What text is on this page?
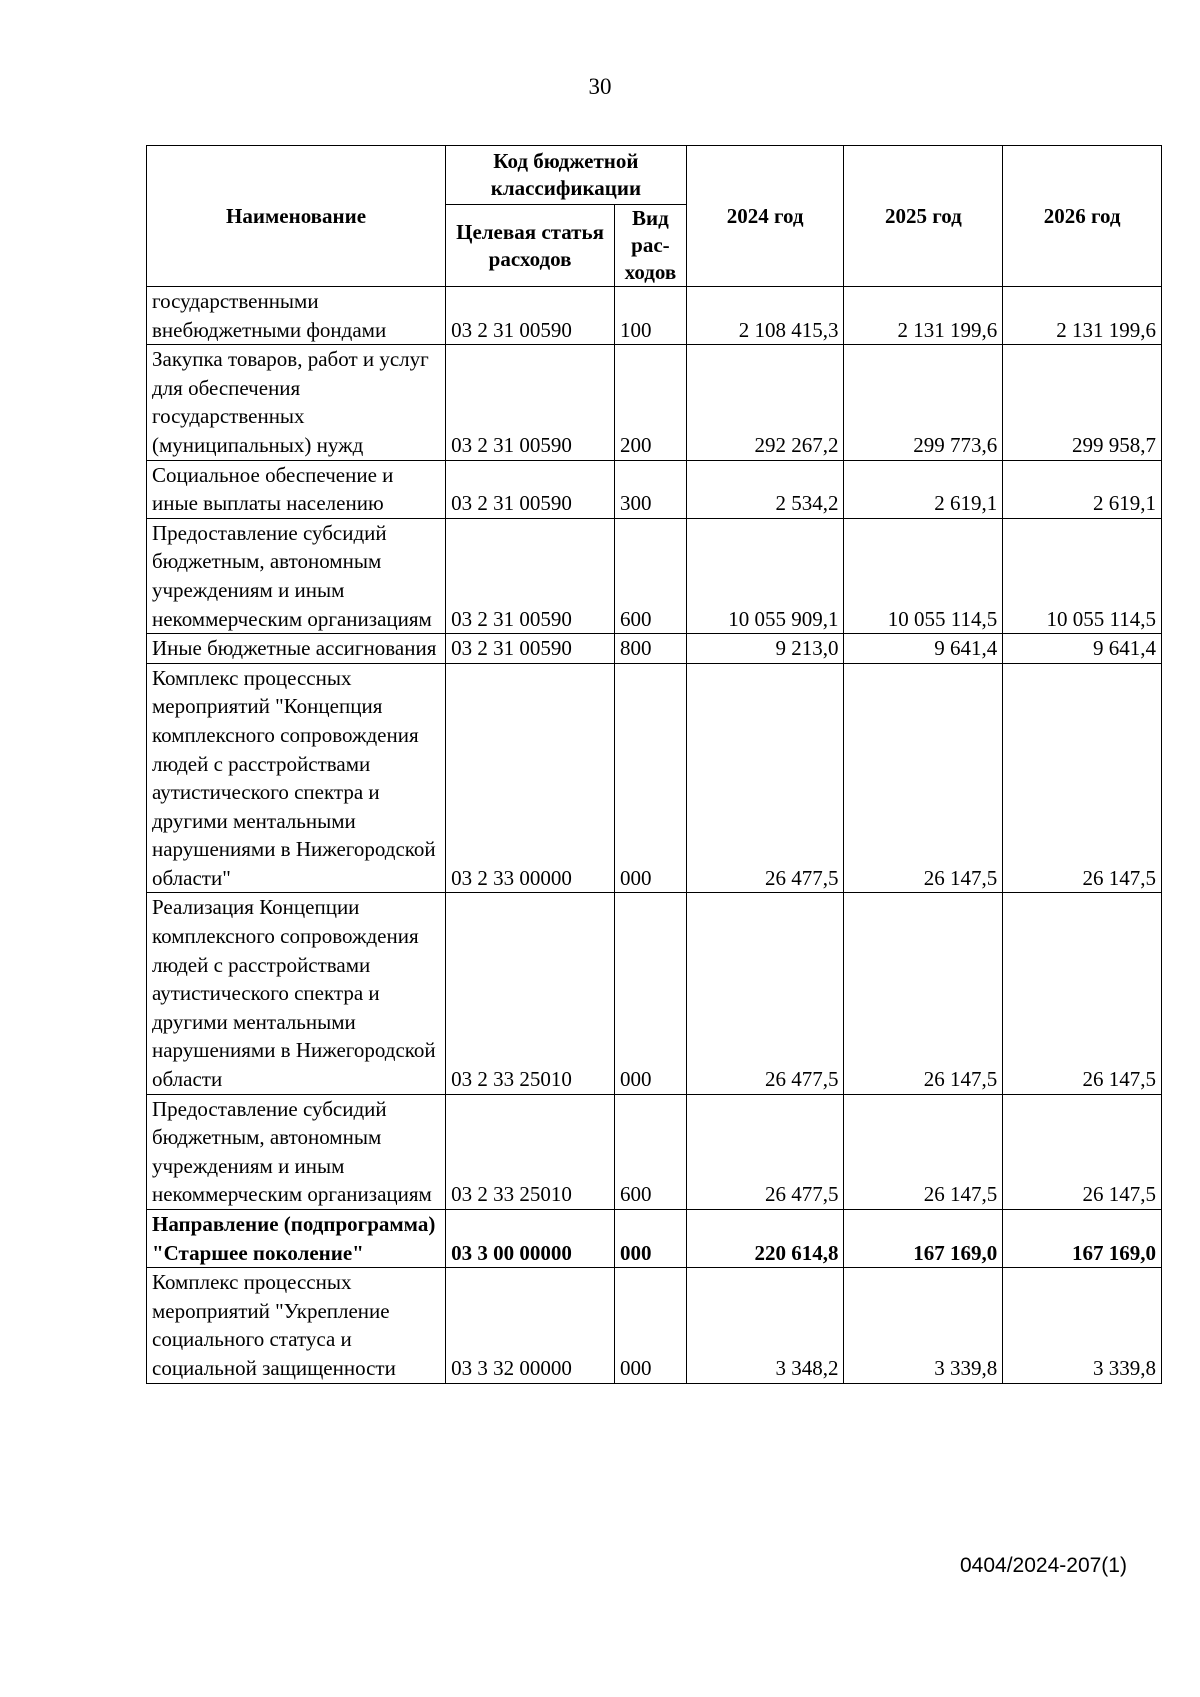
30
Наименование	Код бюджетной классификации		2024 год	2025 год	2026 год
	Целевая статья расходов	Вид рас-ходов			
государственными внебюджетными фондами	03 2 31 00590	100	2 108 415,3	2 131 199,6	2 131 199,6
Закупка товаров, работ и услуг для обеспечения государственных (муниципальных) нужд	03 2 31 00590	200	292 267,2	299 773,6	299 958,7
Социальное обеспечение и иные выплаты населению	03 2 31 00590	300	2 534,2	2 619,1	2 619,1
Предоставление субсидий бюджетным, автономным учреждениям и иным некоммерческим организациям	03 2 31 00590	600	10 055 909,1	10 055 114,5	10 055 114,5
Иные бюджетные ассигнования	03 2 31 00590	800	9 213,0	9 641,4	9 641,4
Комплекс процессных мероприятий "Концепция комплексного сопровождения людей с расстройствами аутистического спектра и другими ментальными нарушениями в Нижегородской области"	03 2 33 00000	000	26 477,5	26 147,5	26 147,5
Реализация Концепции комплексного сопровождения людей с расстройствами аутистического спектра и другими ментальными нарушениями в Нижегородской области	03 2 33 25010	000	26 477,5	26 147,5	26 147,5
Предоставление субсидий бюджетным, автономным учреждениям и иным некоммерческим организациям	03 2 33 25010	600	26 477,5	26 147,5	26 147,5
Направление (подпрограмма) "Старшее поколение"	03 3 00 00000	000	220 614,8	167 169,0	167 169,0
Комплекс процессных мероприятий "Укрепление социального статуса и социальной защищенности	03 3 32 00000	000	3 348,2	3 339,8	3 339,8
0404/2024-207(1)
